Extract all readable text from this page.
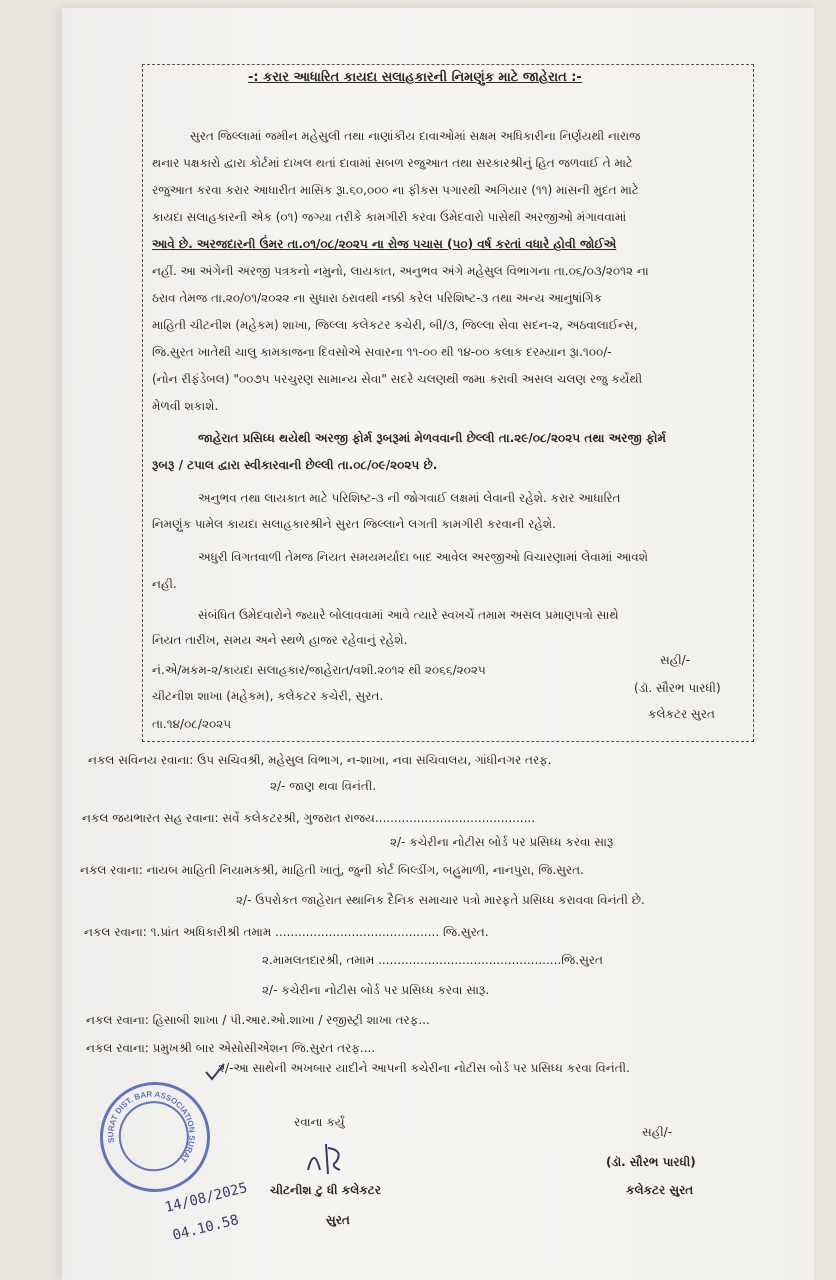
-: કરાર આધારિત કાયદા સલાહકારની નિમણુંક માટે જાહેરાત :-
સુરત જિલ્લામાં જમીન મહેસુલી તથા નાણાંકીય દાવાઓમાં સક્ષમ અધિકારીના નિર્ણયથી નારાજ
થનાર પક્ષકારો દ્વારા કોર્ટમાં દાખલ થતાં દાવામાં સબળ રજુઆત તથા સરકારશ્રીનું હિત જળવાઈ તે માટે
રજુઆત કરવા કરાર આધારીત માસિક રૂા.૬૦,૦૦૦ ના ફીકસ પગારથી અગિયાર (૧૧) માસની મુદત માટે
કાયદા સલાહકારની એક (૦૧) જગ્યા તરીકે કામગીરી કરવા ઉમેદવારો પાસેથી અરજીઓ મંગાવવામાં
આવે છે. અરજદારની ઉંમર તા.૦૧/૦૮/૨૦૨૫ ના રોજ પચાસ (૫૦) વર્ષ કરતાં વધારે હોવી જોઈએ
નહીં. આ અંગેની અરજી પત્રકનો નમુનો, લાયકાત, અનુભવ અંગે મહેસુલ વિભાગના તા.૦૬/૦૩/૨૦૧૨ ના
ઠરાવ તેમજ તા.૨૦/૦૧/૨૦૨૨ ના સુધારા ઠરાવથી નક્કી કરેલ પરિશિષ્ટ-૩ તથા અન્ય આનુષાંગિક
માહિતી ચીટનીશ (મહેકમ) શાખા, જિલ્લા કલેકટર કચેરી, બી/૩, જિલ્લા સેવા સદન-૨, અઠવાલાઈન્સ,
જિ.સુરત ખાતેથી ચાલુ કામકાજના દિવસોએ સવારના ૧૧-૦૦ થી ૧૪-૦૦ કલાક દરમ્યાન રૂા.૧૦૦/-
(નોન રીફંડેબલ) "૦૦૭૫ પરચુરણ સામાન્ય સેવા" સદરે ચલણથી જમા કરાવી અસલ ચલણ રજુ કર્યેથી
મેળવી શકાશે.
જાહેરાત પ્રસિધ્ધ થયેથી અરજી ફોર્મ રૂબરૂમાં મેળવવાની છેલ્લી તા.૨૯/૦૮/૨૦૨૫ તથા અરજી ફોર્મ
રૂબરૂ / ટપાલ દ્વારા સ્વીકારવાની છેલ્લી તા.૦૮/૦૯/૨૦૨૫ છે.
અનુભવ તથા લાયકાત માટે પરિશિષ્ટ-૩ ની જોગવાઈ લક્ષમાં લેવાની રહેશે. કરાર આધારિત
નિમણુંક પામેલ કાયદા સલાહકારશ્રીને સુરત જિલ્લાને લગતી કામગીરી કરવાની રહેશે.
અધુરી વિગતવાળી તેમજ નિયત સમયમર્યાદા બાદ આવેલ અરજીઓ વિચારણામાં લેવામાં આવશે
નહી.
સંબંધિત ઉમેદવારોને જ્યારે બોલાવવામાં આવે ત્યારે સ્વખર્ચે તમામ અસલ પ્રમાણપત્રો સાથે
નિયત તારીખ, સમય અને સ્થળે હાજર રહેવાનું રહેશે.
નં.એ/મકમ-૨/કાયદા સલાહકાર/જાહેરાત/વશી.૨૦૧૨ થી ૨૦૬૬/૨૦૨૫
સહી/-
ચીટનીશ શાખા (મહેકમ), કલેકટર કચેરી, સુરત.
(ડૉ. સૌરભ પારધી)
તા.૧૪/૦૮/૨૦૨૫
કલેકટર સુરત
નકલ સવિનય રવાના: ઉપ સચિવશ્રી, મહેસુલ વિભાગ, ન-શાખા, નવા સચિવાલય, ગાંધીનગર તરફ.
૨/- જાણ થવા વિનંતી.
નકલ જયભારત સહ રવાના: સર્વે કલેકટરશ્રી, ગુજરાત રાજય..........................................
૨/- કચેરીના નોટીસ બોર્ડ પર પ્રસિધ્ધ કરવા સારૂ
નકલ રવાના: નાયબ માહિતી નિયામકશ્રી, માહિતી ખાતું, જુની કોર્ટ બિલ્ડીંગ, બહુમાળી, નાનપુરા, જિ.સુરત.
૨/- ઉપરોકત જાહેરાત સ્થાનિક દૈનિક સમાચાર પત્રો મારફતે પ્રસિધ્ધ કરાવવા વિનંતી છે.
નકલ રવાના: ૧.પ્રાંત અધિકારીશ્રી તમામ ........................................... જિ.સુરત.
૨.મામલતદારશ્રી, તમામ ................................................જિ.સુરત
૨/- કચેરીના નોટીસ બોર્ડ પર પ્રસિધ્ધ કરવા સારૂ.
નકલ રવાના: હિસાબી શાખા / પી.આર.ઓ.શાખા / રજીસ્ટ્રી શાખા તરફ...
નકલ રવાના: પ્રમુખશ્રી બાર એસોસીએશન જિ.સુરત તરફ....
૨/-આ સાથેની અખબાર યાદીને આપની કચેરીના નોટીસ બોર્ડ પર પ્રસિધ્ધ કરવા વિનંતી.
રવાના કર્યું
સહી/-
(ડૉ. સૌરભ પારધી)
ચીટનીશ ટુ ધી કલેકટર	કલેકટર સુરત
સુરત
SURAT DIST. BAR ASSOCIATION SURAT
14/08/2025
04.10.58
